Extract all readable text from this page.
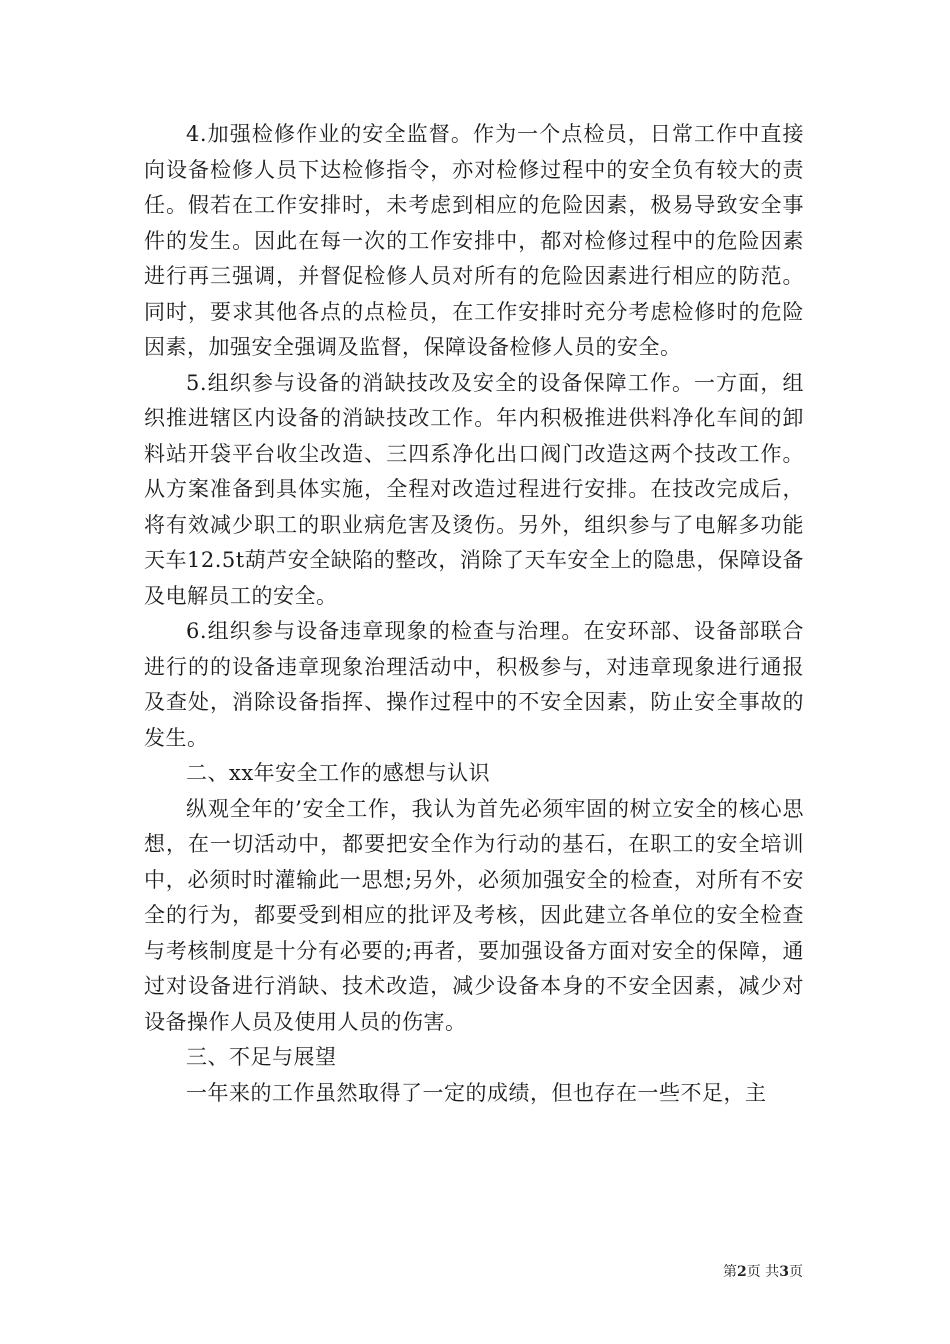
4.加强检修作业的安全监督。作为一个点检员，日常工作中直接向设备检修人员下达检修指令，亦对检修过程中的安全负有较大的责任。假若在工作安排时，未考虑到相应的危险因素，极易导致安全事件的发生。因此在每一次的工作安排中，都对检修过程中的危险因素进行再三强调，并督促检修人员对所有的危险因素进行相应的防范。同时，要求其他各点的点检员，在工作安排时充分考虑检修时的危险因素，加强安全强调及监督，保障设备检修人员的安全。

5.组织参与设备的消缺技改及安全的设备保障工作。一方面，组织推进辖区内设备的消缺技改工作。年内积极推进供料净化车间的卸料站开袋平台收尘改造、三四系净化出口阀门改造这两个技改工作。从方案准备到具体实施，全程对改造过程进行安排。在技改完成后，将有效减少职工的职业病危害及烫伤。另外，组织参与了电解多功能天车12.5t葫芦安全缺陷的整改，消除了天车安全上的隐患，保障设备及电解员工的安全。

6.组织参与设备违章现象的检查与治理。在安环部、设备部联合进行的的设备违章现象治理活动中，积极参与，对违章现象进行通报及查处，消除设备指挥、操作过程中的不安全因素，防止安全事故的发生。

二、xx年安全工作的感想与认识

纵观全年的’安全工作，我认为首先必须牢固的树立安全的核心思想，在一切活动中，都要把安全作为行动的基石，在职工的安全培训中，必须时时灌输此一思想;另外，必须加强安全的检查，对所有不安全的行为，都要受到相应的批评及考核，因此建立各单位的安全检查与考核制度是十分有必要的;再者，要加强设备方面对安全的保障，通过对设备进行消缺、技术改造，减少设备本身的不安全因素，减少对设备操作人员及使用人员的伤害。

三、不足与展望

一年来的工作虽然取得了一定的成绩，但也存在一些不足，主

第2页 共3页
